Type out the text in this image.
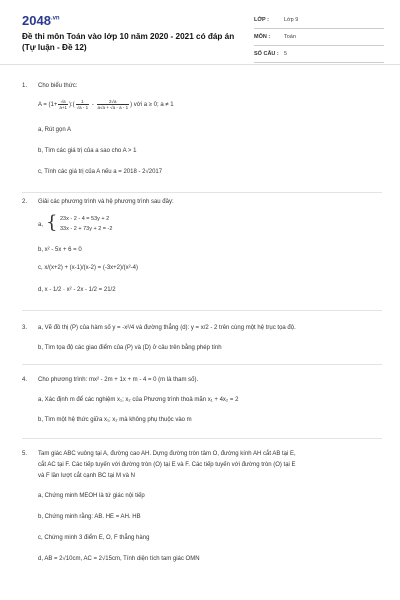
$2048^{.vn}$
Đề thi môn Toán vào lớp 10 năm 2020 - 2021 có đáp án (Tự luận - Đề 12)
LỚP :	Lớp 9
MÔN :	Toán
SỐ CÂU : 5
1.	Cho biểu thức:
$A = (1+ \frac{√a}{a+1}$ ):( $\frac{1}{√a - 1} - \frac{2√a}{a√a + √a - a - 1}$ ) với a ≥ 0; a ≠ 1
a, Rút gọn A
b, Tìm các giá trị của a sao cho A > 1
c, Tính các giá trị của A nếu a = 2018 - 2√2017
2.	Giải các phương trình và hệ phương trình sau đây:
a, { 23x - 2 - 4 = 53y + 2
33x - 2 + 73y + 2 = -2
b, x² - 5x + 6 = 0
c, x/(x+2) + (x-1)/(x-2) = (-3x+2)/(x²-4)
d, x - 1/2 · x² - 2x - 1/2 = 21/2
3.	a, Vẽ đồ thị (P) của hàm số y = -x²/4 và đường thẳng (d): y = x/2 - 2 trên cùng một hệ trục tọa độ.
b, Tìm tọa độ các giao điểm của (P) và (D) ở câu trên bằng phép tính
4.	Cho phương trình: mx² - 2m + 1x + m - 4 = 0 (m là tham số).
a, Xác định m để các nghiệm x₁; x₂ của Phương trình thoả mãn x₁ + 4x₂ = 2
b, Tìm một hệ thức giữa x₁; x₂ mà không phụ thuộc vào m
5.	Tam giác ABC vuông tại A, đường cao AH. Dựng đường tròn tâm O, đường kính AH cắt AB tại E,
cắt AC tại F. Các tiếp tuyến với đường tròn (O) tại E và F. Các tiếp tuyến với đường tròn (O) tại E
và F lần lượt cắt cạnh BC tại M và N
a, Chứng minh MEOH là tứ giác nội tiếp
b, Chứng minh rằng: AB. HE = AH. HB
c, Chứng minh 3 điểm E, O, F thẳng hàng
d, AB = 2√10cm, AC = 2√15cm, Tính diện tích tam giác OMN
